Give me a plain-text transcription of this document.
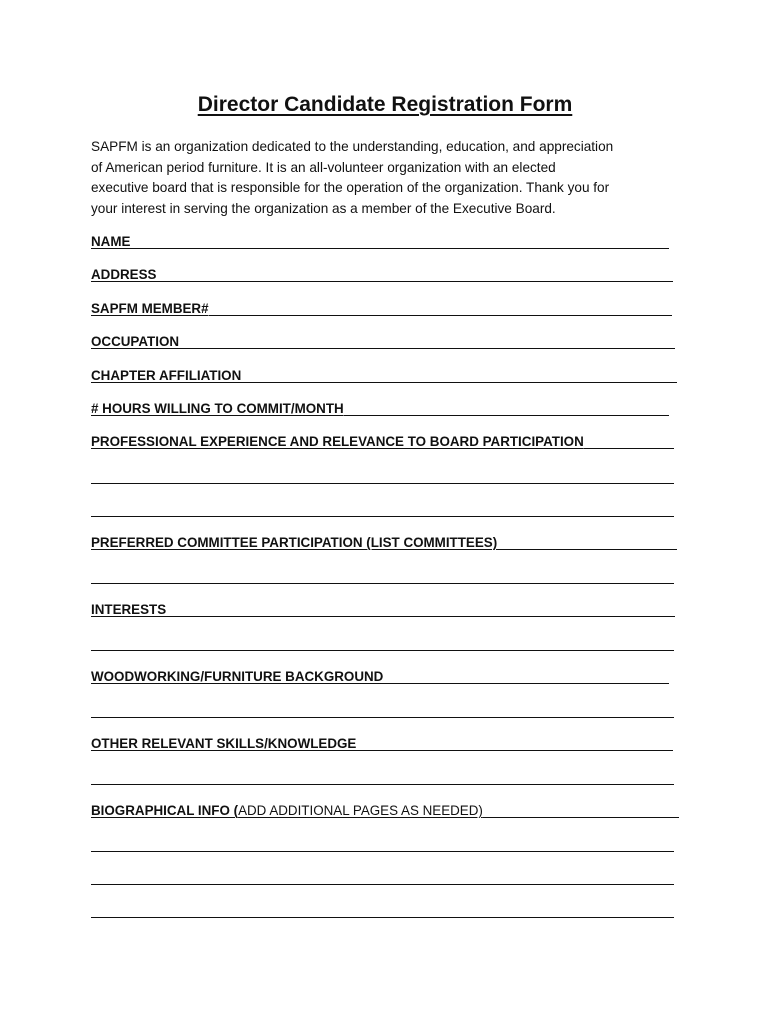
Director Candidate Registration Form

SAPFM is an organization dedicated to the understanding, education, and appreciation

of American period furniture. It is an all-volunteer organization with an elected

executive board that is responsible for the operation of the organization. Thank you for

your interest in serving the organization as a member of the Executive Board.

NAME
ADDRESS
SAPFM MEMBER#
OCCUPATION
CHAPTER AFFILIATION
# HOURS WILLING TO COMMIT/MONTH
PROFESSIONAL EXPERIENCE AND RELEVANCE TO BOARD PARTICIPATION
PREFERRED COMMITTEE PARTICIPATION (LIST COMMITTEES)
INTERESTS
WOODWORKING/FURNITURE BACKGROUND
OTHER RELEVANT SKILLS/KNOWLEDGE
BIOGRAPHICAL INFO (ADD ADDITIONAL PAGES AS NEEDED)
